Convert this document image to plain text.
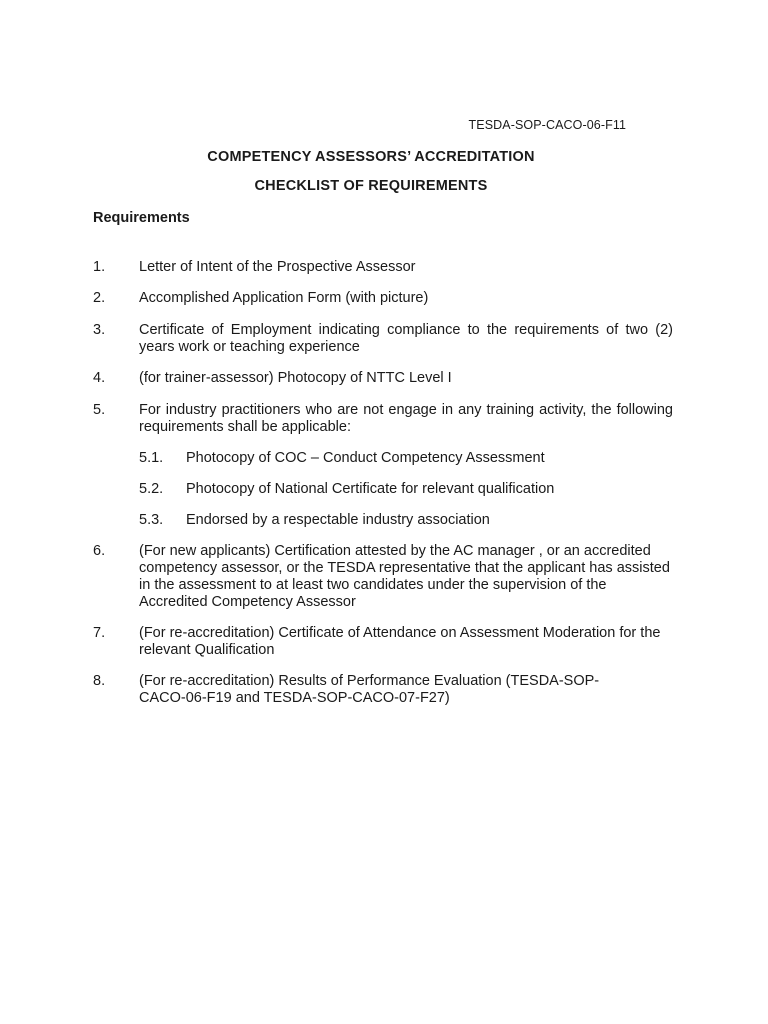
TESDA-SOP-CACO-06-F11
COMPETENCY ASSESSORS’ ACCREDITATION
CHECKLIST OF REQUIREMENTS
Requirements
1. Letter of Intent of the Prospective Assessor
2. Accomplished Application Form (with picture)
3. Certificate of Employment indicating compliance to the requirements of two (2) years work or teaching experience
4. (for trainer-assessor) Photocopy of NTTC Level I
5. For industry practitioners who are not engage in any training activity, the following requirements shall be applicable:
5.1. Photocopy of COC – Conduct Competency Assessment
5.2. Photocopy of National Certificate for relevant qualification
5.3. Endorsed by a respectable industry association
6. (For new applicants) Certification attested by the AC manager , or an accredited competency assessor, or the TESDA representative that the applicant has assisted in the assessment to at least two candidates under the supervision of the Accredited Competency Assessor
7. (For re-accreditation) Certificate of Attendance on Assessment Moderation for the relevant Qualification
8. (For re-accreditation) Results of Performance Evaluation (TESDA-SOP-CACO-06-F19 and TESDA-SOP-CACO-07-F27)
